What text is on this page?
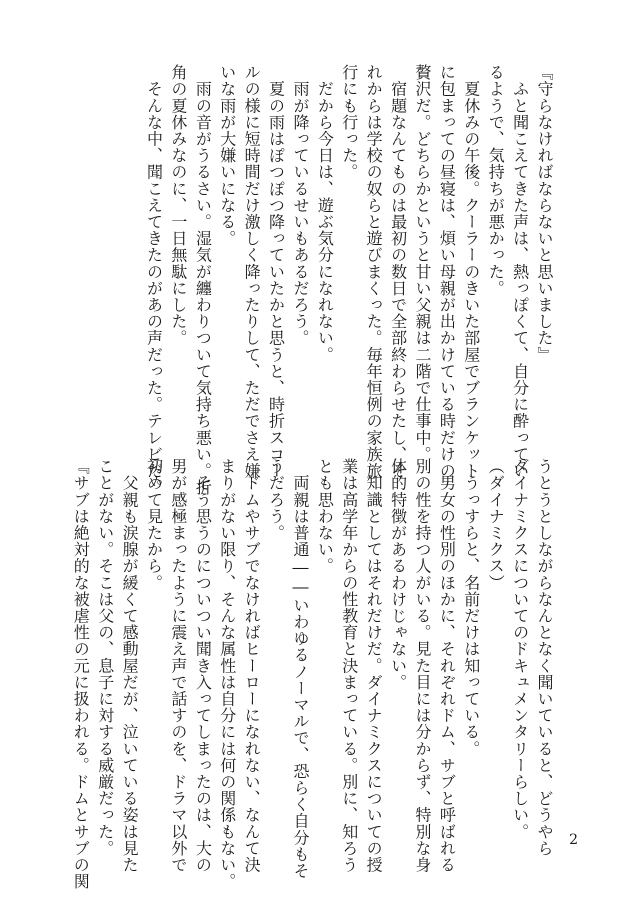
『守らなければならないと思いました』

　ふと聞こえてきた声は、熱っぽくて、自分に酔ってい

るようで、気持ちが悪かった。

　夏休みの午後。クーラーのきいた部屋でブランケット

に包まっての昼寝は、煩い母親が出かけている時だけの

贅沢だ。どちらかというと甘い父親は二階で仕事中。

　宿題なんてものは最初の数日で全部終わらせたし、そ

れからは学校の奴らと遊びまくった。毎年恒例の家族旅

行にも行った。

　だから今日は、遊ぶ気分になれない。

　雨が降っているせいもあるだろう。

　夏の雨はぽつぽつ降っていたかと思うと、時折スコー

ルの様に短時間だけ激しく降ったりして、ただでさえ嫌

いな雨が大嫌いになる。

　雨の音がうるさい。湿気が纏わりついて気持ち悪い。折

角の夏休みなのに、一日無駄にした。

　そんな中、聞こえてきたのがあの声だった。テレビだ。

うとうとしながらなんとなく聞いていると、どうやら

ダイナミクスについてのドキュメンタリーらしい。

（ダイナミクス）

　うっすらと、名前だけは知っている。

　男女の性別のほかに、それぞれドム、サブと呼ばれる

別の性を持つ人がいる。見た目には分からず、特別な身

体的特徴があるわけじゃない。

　知識としてはそれだけだ。ダイナミクスについての授

業は高学年からの性教育と決まっている。別に、知ろう

とも思わない。

　両親は普通――いわゆるノーマルで、恐らく自分もそ

うだろう。

　ドムやサブでなければヒーローになれない、なんて決

まりがない限り、そんな属性は自分には何の関係もない。

　そう思うのについつい聞き入ってしまったのは、大の

男が感極まったように震え声で話すのを、ドラマ以外で

初めて見たから。

　父親も涙腺が緩くて感動屋だが、泣いている姿は見た

ことがない。そこは父の、息子に対する威厳だった。

『サブは絶対的な被虐性の元に扱われる。ドムとサブの関	2
